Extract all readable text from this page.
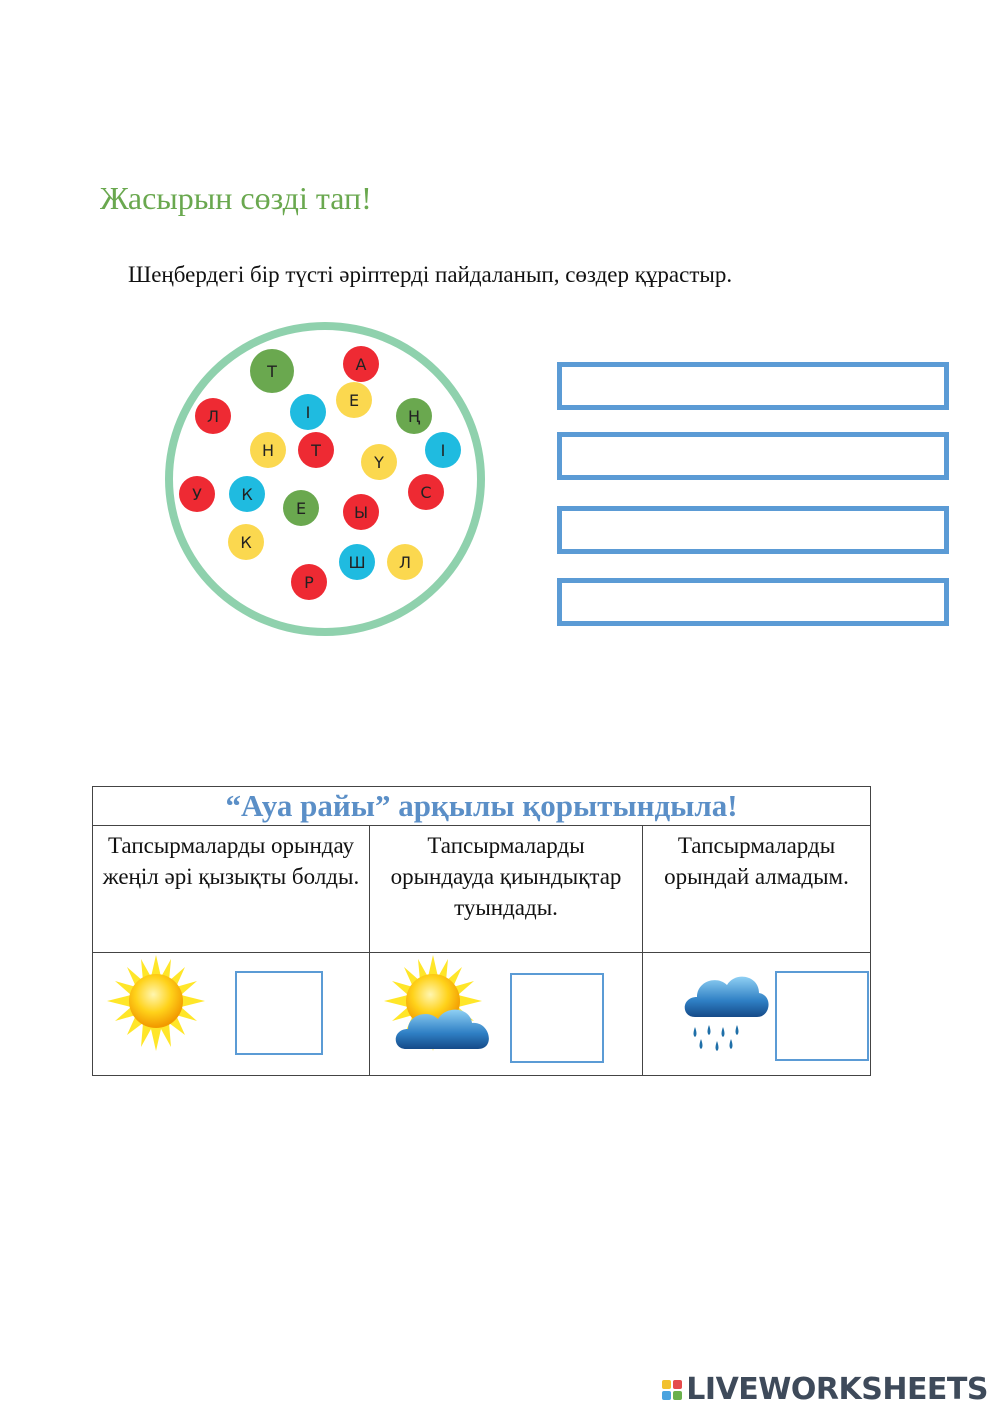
Жасырын сөзді тап!
Шеңбердегі бір түсті әріптерді пайдаланып, сөздер құрастыр.
Т	А
Е
Л	І	Ң
Н Т
Ү
І
У К
Е	Ы
С
К
Ш Л
Р
“Ауа райы” арқылы қорытындыла!		
Тапсырмаларды орындау жеңіл әрі қызықты болды.	Тапсырмаларды орындауда қиындықтар туындады.	Тапсырмаларды орындай алмадым.

LIVEWORKSHEETS
